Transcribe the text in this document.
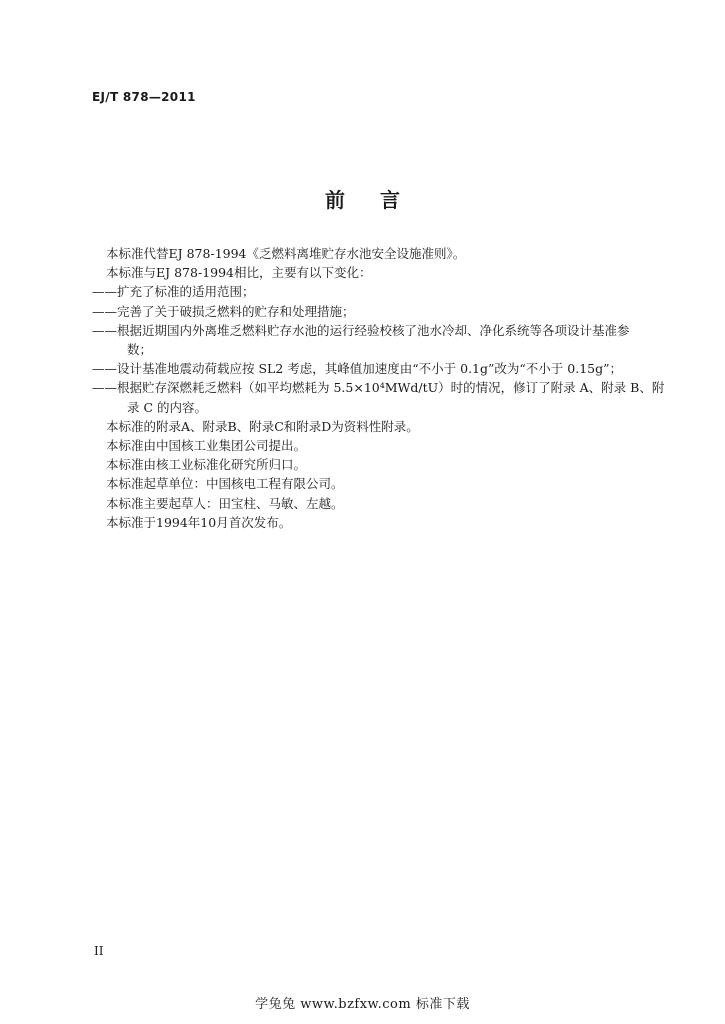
EJ/T 878—2011
前 言

本标准代替EJ 878-1994《乏燃料离堆贮存水池安全设施准则》。

本标准与EJ 878-1994相比，主要有以下变化：

——扩充了标准的适用范围；

——完善了关于破损乏燃料的贮存和处理措施；

——根据近期国内外离堆乏燃料贮存水池的运行经验校核了池水冷却、净化系统等各项设计基准参

数；

——设计基准地震动荷载应按 SL2 考虑，其峰值加速度由“不小于 0.1g”改为“不小于 0.15g”；

——根据贮存深燃耗乏燃料（如平均燃耗为 5.5×10⁴MWd/tU）时的情况，修订了附录 A、附录 B、附

录 C 的内容。

本标准的附录A、附录B、附录C和附录D为资料性附录。

本标准由中国核工业集团公司提出。

本标准由核工业标准化研究所归口。

本标准起草单位：中国核电工程有限公司。

本标准主要起草人：田宝柱、马敏、左越。

本标准于1994年10月首次发布。

II
学兔兔 www.bzfxw.com 标准下载
